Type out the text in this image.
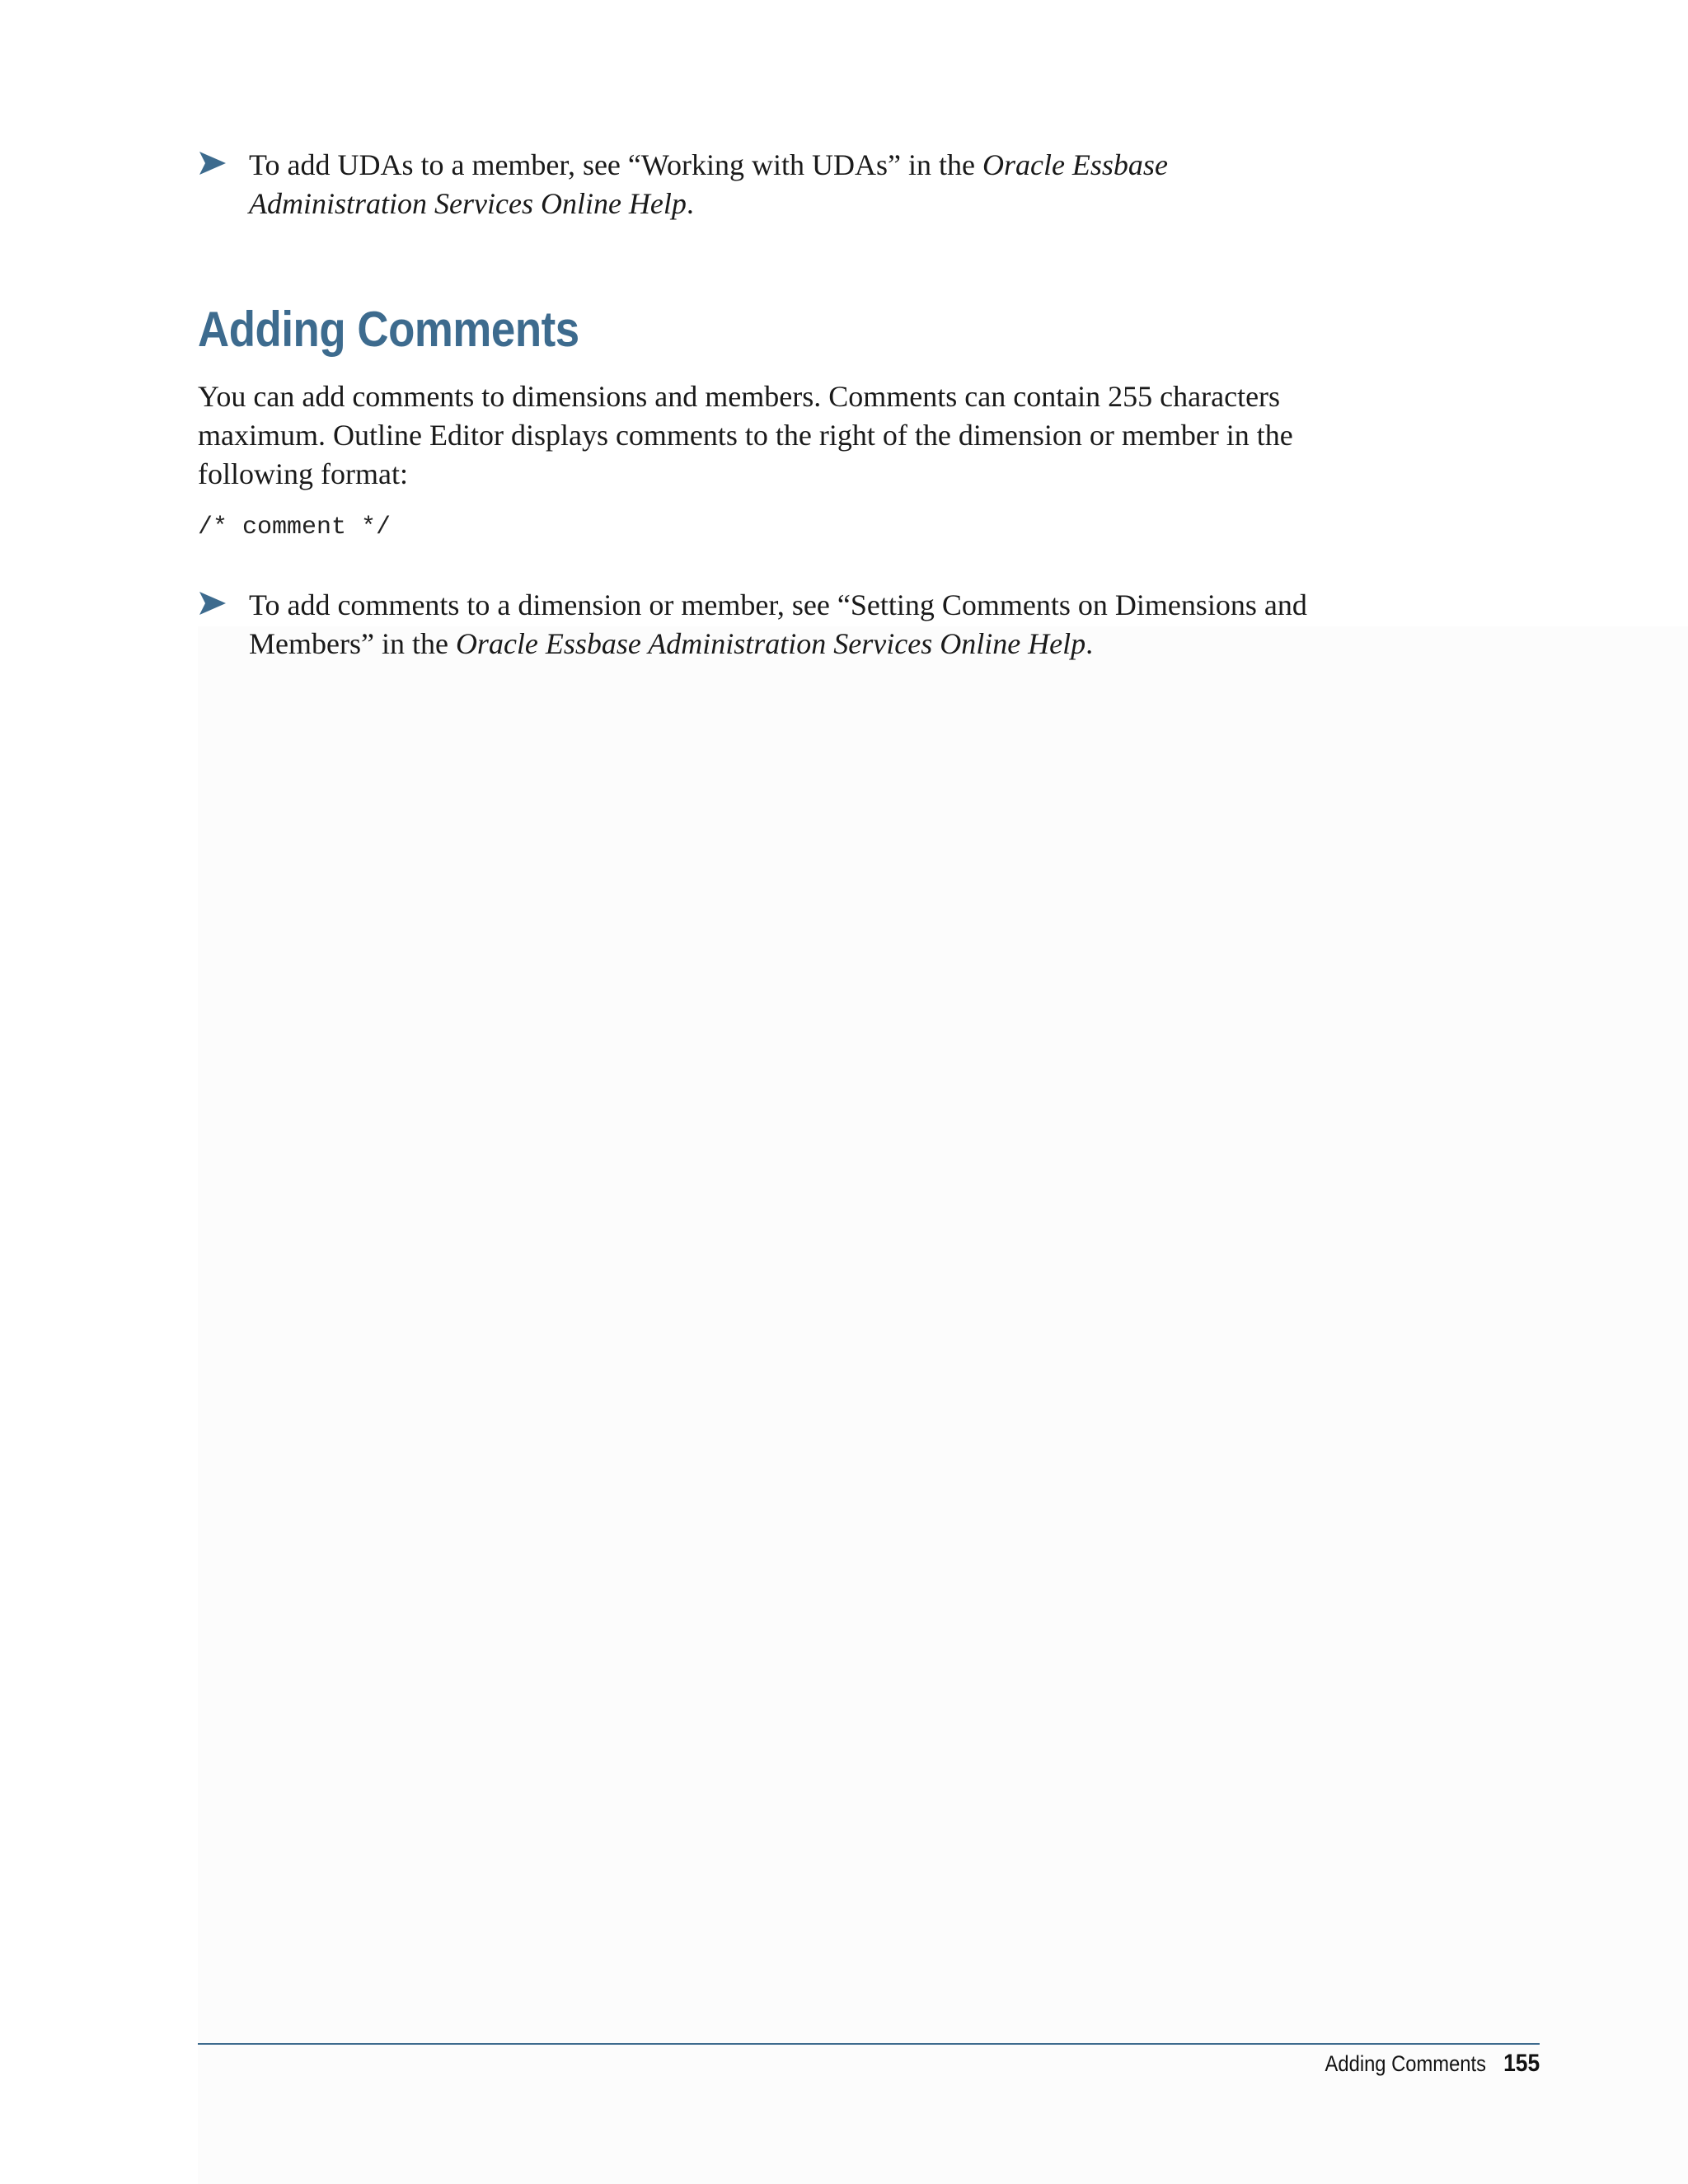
To add UDAs to a member, see “Working with UDAs” in the Oracle Essbase Administration Services Online Help.
Adding Comments

You can add comments to dimensions and members. Comments can contain 255 characters maximum. Outline Editor displays comments to the right of the dimension or member in the following format:

/* comment */
To add comments to a dimension or member, see “Setting Comments on Dimensions and Members” in the Oracle Essbase Administration Services Online Help.
Adding Comments 155
